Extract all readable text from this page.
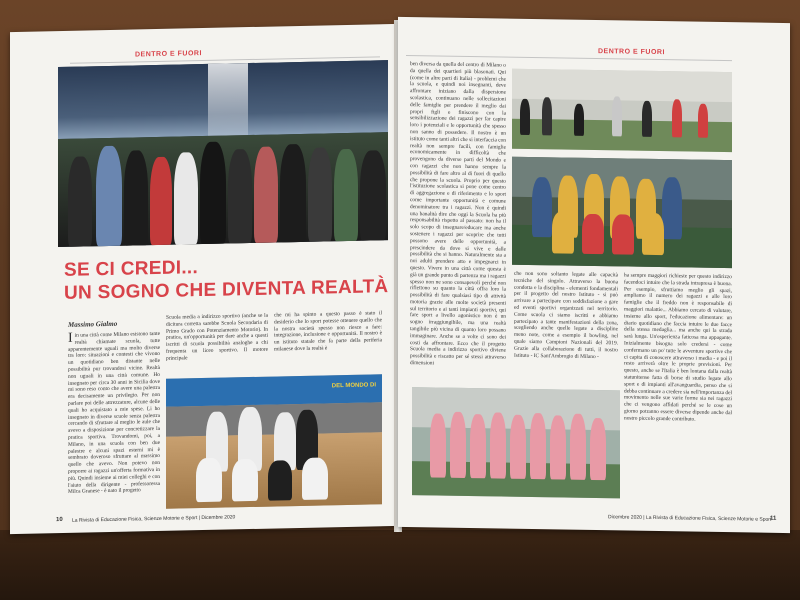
DENTRO E FUORI
SE CI CREDI...
UN SOGNO CHE DIVENTA REALTÀ
Massimo Gialmo
Iin una città come Milano esistono tante realtà chiamate scuola, tutte apparentemente uguali ma molto diverse tra loro: situazioni e contesti che vivono un quotidiano ben distante nelle possibilità pur trovandosi vicine. Realtà non uguali in una città comune. Ho insegnato per circa 30 anni in Sicilia dove mi sono reso conto che avere una palestra era decisamente un privilegio. Per non parlare poi delle attrezzature, alcune delle quali ho acquistato a mie spese. Li ho insegnato in diverse scuole senza palestra cercando di sfruttare al meglio le aule che avevo a disposizione per concretizzare la pratica sportiva. Trovandomi, poi, a Milano, in una scuola con ben due palestre e alcuni spazi esterni mi è sembrato doveroso sfruttare al massimo quello che avevo. Non potevo non proporre ai ragazzi un'offerta formativa in più. Quindi insieme ai miei colleghi e con l'aiuto della dirigente - professoressa Milca Granese - è nato il progetto
Scuola media a indirizzo sportivo (anche se la dicitura corretta sarebbe Scuola Secondaria di Primo Grado con Potenziamento Motorio). In pratica, un'opportunità per dare anche a questi iscritti di scuola possibilità analoghe a chi frequenta un liceo sportivo. Il motore principale
che mi ha spinto a questo passo è stato il desiderio che lo sport potesse ottenere quello che la nostra società spesso non riesce a fare: integrazione, inclusione e opportunità. Il nostro è un istituto statale che fa parte della periferia milanese dove la realtà è
DEL MONDO DI
10 La Rivista di Educazione Fisica, Scienze Motorie e Sport | Dicembre 2020
DENTRO E FUORI
ben diversa da quella del centro di Milano o da quella dei quartieri più blasonati. Qui (come in altre parti di Italia) - problemi che la scuola, e quindi noi insegnanti, deve affrontare iniziano dalla dispersione scolastica, continuano nelle sollecitazioni delle famiglie per prendere il meglio dai propri figli e finiscono con la sensibilizzazione dei ragazzi per far capire loro i potenziali e le opportunità che spesso non sanno di possedere. Il nostro è un istituto come tanti altri che si interfaccia con realtà non sempre facili, con famiglie economicamente in difficoltà che provengono da diverse parti del Mondo e con ragazzi che non hanno sempre la possibilità di fare altro al di fuori di quello che propone la scuola. Proprio per questo l'istituzione scolastica si pone come centro di aggregazione e di riferimento e lo sport come importante opportunità e comune denominatore tra i ragazzi. Non è quindi una banalità dire che oggi la Scuola ha più responsabilità rispetto al passato: non ha il solo scopo di insegnare/educare ma anche sostenere i ragazzi per scoprire che tutti possono avere delle opportunità, a prescindere da dove si vive e dalle possibilità che si hanno. Naturalmente sta a noi adulti prendere atto e impegnarci in questo. Vivere in una città come questa è già un grande punto di partenza ma i ragazzi spesso non ne sono consapevoli perché non riflettono su quanto la città offra loro la possibilità di fare qualsiasi tipo di attività motoria grazie alle molte società presenti sul territorio e ai tanti impianti sportivi, qui fare sport a livello agonistico non è un sogno irraggiungibile, ma una realtà tangibile più vicina di quanto loro possano immaginare. Anche se a volte ci sono dei costi da affrontare. Ecco che il progetto Scuola media a indirizzo sportivo diviene possibilità e riscatto per sé stessi attraverso dimensioni
che non sono soltanto legate alle capacità tecniche del singolo. Attraverso la buona condotta e la disciplina - elementi fondamentali per il progetto del nostro Istituto - si può arrivare a partecipare con soddisfazione a gare ed eventi sportivi organizzati nel territorio. Come scuola ci siamo iscritti e abbiamo partecipato a tante manifestazioni della zona, scegliendo anche quelle legate a discipline meno note, come a esempio il bowling, nel quale siamo Campioni Nazionali del 2019. Grazie alla collaborazione di tutti, il nostro Istituto - IC Sant'Ambrogio di Milano -
ha sempre maggiori richieste per questo indirizzo facendoci intuire che la strada intrapresa è buona. Per esempio, sfruttiamo meglio gli spazi, ampliamo il numero dei ragazzi e alle loro famiglie che il freddo non è responsabile di maggiori malattie... Abbiamo cercato di valutare, insieme allo sport, l'educazione alimentare: un diario quotidiano che faccia intuire le due facce della stessa medaglia... ma anche qui la strada sarà lunga. Un'esperienza faticosa ma appagante. Inizialmente bisogna solo credersi - come confermano un po' tutte le avventure sportive che ci capita di conoscere attraverso i media - e poi il resto arriverà oltre le proprie previsioni. Per questo, anche se l'Italia è ben lontana dalla realtà statunitense fatta di borse di studio legate allo sport e di impianti all'avanguardia, penso che si debba continuare a credere sia nell'importanza del movimento nelle sue varie forme sia nei ragazzi che ci vengono affidati perché se le cose un giorno potranno essere diverse dipende anche dal nostro piccolo grande contributo.
Dicembre 2020 | La Rivista di Educazione Fisica, Scienze Motorie e Sport
11
